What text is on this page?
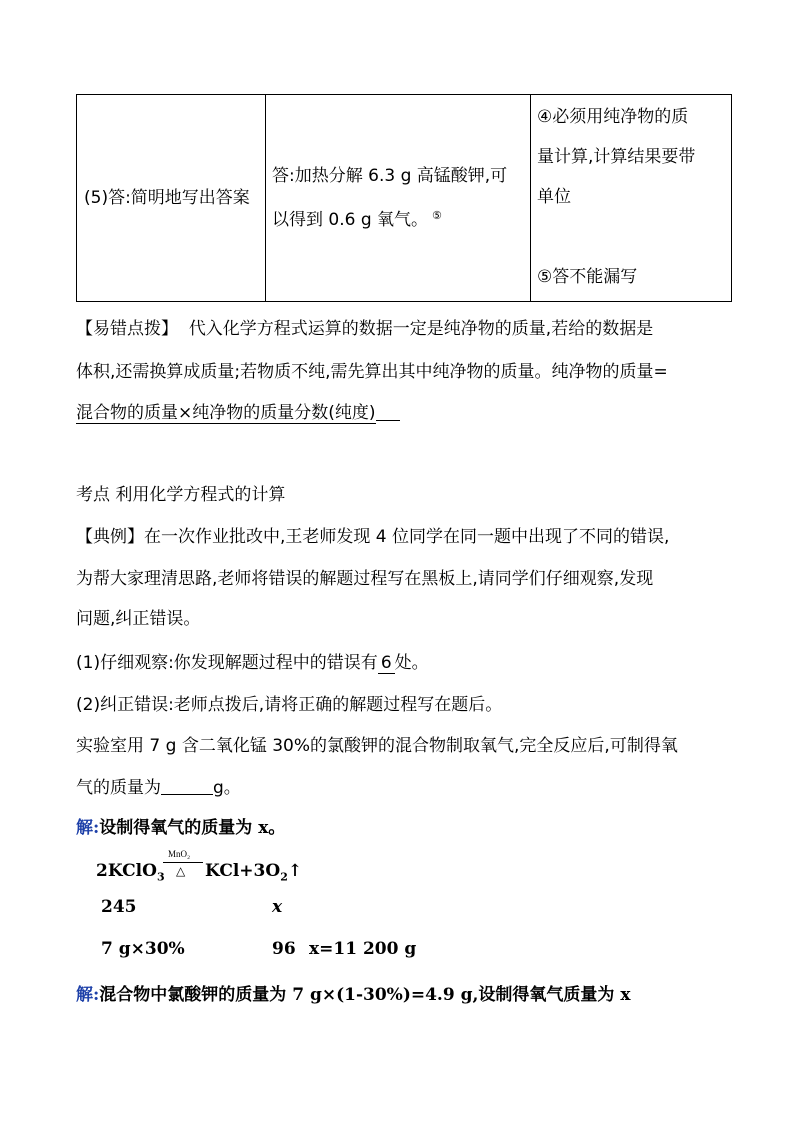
(5)答:简明地写出答案

答:加热分解 6.3 g 高锰酸钾,可
以得到 0.6 g 氧气。 ⑤

④必须用纯净物的质
量计算,计算结果要带
单位
⑤答不能漏写
【易错点拨】 代入化学方程式运算的数据一定是纯净物的质量,若给的数据是
体积,还需换算成质量;若物质不纯,需先算出其中纯净物的质量。纯净物的质量=
混合物的质量×纯净物的质量分数(纯度)
考点 利用化学方程式的计算
【典例】在一次作业批改中,王老师发现 4 位同学在同一题中出现了不同的错误,
为帮大家理清思路,老师将错误的解题过程写在黑板上,请同学们仔细观察,发现
问题,纠正错误。
(1)仔细观察:你发现解题过程中的错误有 6 处。
(2)纠正错误:老师点拨后,请将正确的解题过程写在题后。
实验室用 7 g 含二氧化锰 30%的氯酸钾的混合物制取氧气,完全反应后,可制得氧
气的质量为	g。
解:设制得氧气的质量为 x。
2KClO$_3$
MnO₂
△ $KCl+3O_2↑$
245	x
7 g×30%	96 x=11 200 g
解:混合物中氯酸钾的质量为 7 g×(1-30%)=4.9 g,设制得氧气质量为 x
